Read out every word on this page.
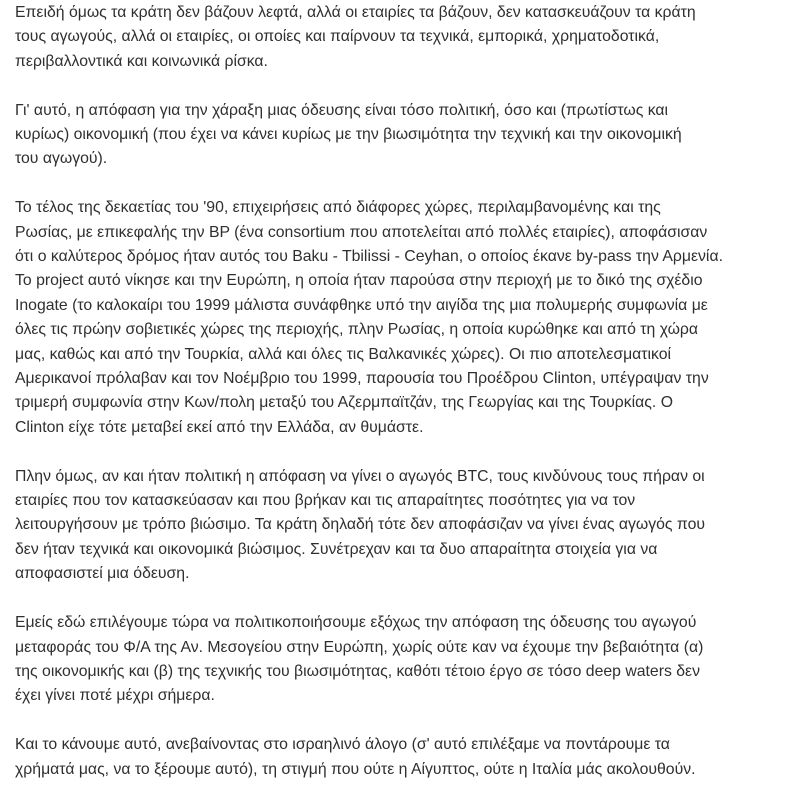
Επειδή όμως τα κράτη δεν βάζουν λεφτά, αλλά οι εταιρίες τα βάζουν, δεν κατασκευάζουν τα κράτη
τους αγωγούς, αλλά οι εταιρίες, οι οποίες και παίρνουν τα τεχνικά, εμπορικά, χρηματοδοτικά,
περιβαλλοντικά και κοινωνικά ρίσκα.

Γι' αυτό, η απόφαση για την χάραξη μιας όδευσης είναι τόσο πολιτική, όσο και (πρωτίστως και
κυρίως) οικονομική (που έχει να κάνει κυρίως με την βιωσιμότητα την τεχνική και την οικονομική
του αγωγού).

Το τέλος της δεκαετίας του '90, επιχειρήσεις από διάφορες χώρες, περιλαμβανομένης και της
Ρωσίας, με επικεφαλής την BP (ένα consortium που αποτελείται από πολλές εταιρίες), αποφάσισαν
ότι ο καλύτερος δρόμος ήταν αυτός του Baku - Tbilissi - Ceyhan, ο οποίος έκανε by-pass την Αρμενία.
Το project αυτό νίκησε και την Ευρώπη, η οποία ήταν παρούσα στην περιοχή με το δικό της σχέδιο
Inogate (το καλοκαίρι του 1999 μάλιστα συνάφθηκε υπό την αιγίδα της μια πολυμερής συμφωνία με
όλες τις πρώην σοβιετικές χώρες της περιοχής, πλην Ρωσίας, η οποία κυρώθηκε και από τη χώρα
μας, καθώς και από την Τουρκία, αλλά και όλες τις Βαλκανικές χώρες). Οι πιο αποτελεσματικοί
Αμερικανοί πρόλαβαν και τον Νοέμβριο του 1999, παρουσία του Προέδρου Clinton, υπέγραψαν την
τριμερή συμφωνία στην Κων/πολη μεταξύ του Αζερμπαϊτζάν, της Γεωργίας και της Τουρκίας. Ο
Clinton είχε τότε μεταβεί εκεί από την Ελλάδα, αν θυμάστε.

Πλην όμως, αν και ήταν πολιτική η απόφαση να γίνει ο αγωγός BTC, τους κινδύνους τους πήραν οι
εταιρίες που τον κατασκεύασαν και που βρήκαν και τις απαραίτητες ποσότητες για να τον
λειτουργήσουν με τρόπο βιώσιμο. Τα κράτη δηλαδή τότε δεν αποφάσιζαν να γίνει ένας αγωγός που
δεν ήταν τεχνικά και οικονομικά βιώσιμος. Συνέτρεχαν και τα δυο απαραίτητα στοιχεία για να
αποφασιστεί μια όδευση.

Εμείς εδώ επιλέγουμε τώρα να πολιτικοποιήσουμε εξόχως την απόφαση της όδευσης του αγωγού
μεταφοράς του Φ/Α της Αν. Μεσογείου στην Ευρώπη, χωρίς ούτε καν να έχουμε την βεβαιότητα (α)
της οικονομικής και (β) της τεχνικής του βιωσιμότητας, καθότι τέτοιο έργο σε τόσο deep waters δεν
έχει γίνει ποτέ μέχρι σήμερα.

Και το κάνουμε αυτό, ανεβαίνοντας στο ισραηλινό άλογο (σ' αυτό επιλέξαμε να ποντάρουμε τα
χρήματά μας, να το ξέρουμε αυτό), τη στιγμή που ούτε η Αίγυπτος, ούτε η Ιταλία μάς ακολουθούν.
